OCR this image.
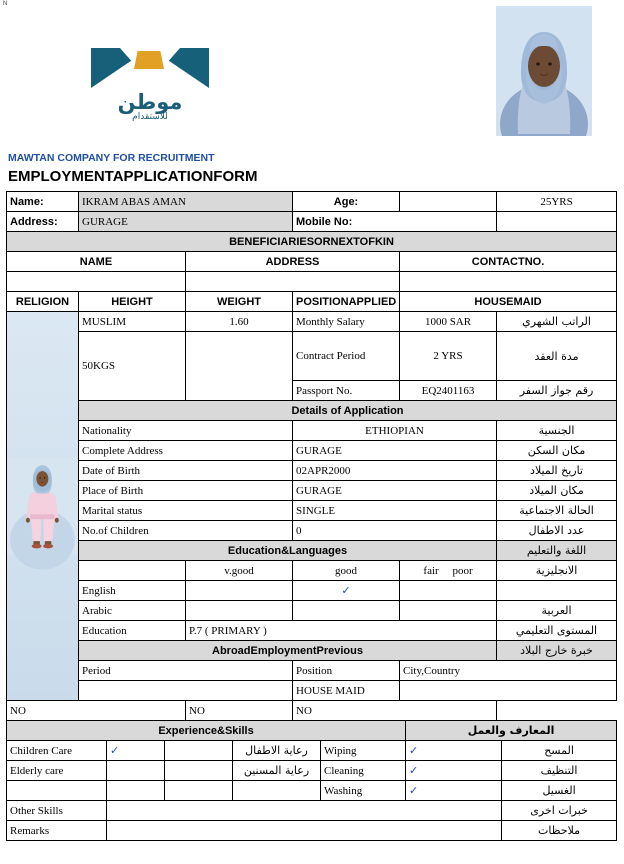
N
موطن
للاستقدام
MAWTAN COMPANY FOR RECRUITMENT
EMPLOYMENTAPPLICATIONFORM
Name:	IKRAM ABAS AMAN		Age:		25YRS
Address:	GURAGE		Mobile No:		
BENEFICIARIESORNEXTOFKIN					
NAME		ADDRESS		CONTACTNO.	

RELIGION	HEIGHT	WEIGHT	POSITIONAPPLIED	HOUSEMAID	

	MUSLIM	1.60	Monthly Salary	1000 SAR	الراتب الشهري
	50KGS		Contract Period	2 YRS	مدة العقد
			Passport No.	EQ2401163	رقم جواز السفر
	Details of Application				
	Nationality		ETHIOPIAN		الجنسية
	Complete Address		GURAGE		مكان السكن
	Date of Birth		02APR2000		تاريخ الميلاد
	Place of Birth		GURAGE		مكان الميلاد
	Marital status		SINGLE		الحالة الاجتماعية
	No.of Children		0		عدد الاطفال
	Education&Languages				اللغة والتعليم
		v.good	good	fair poor	الانجليزية
	English		✓		
	Arabic				العربية
	Education	P.7 ( PRIMARY )			المستوى التعليمي
	AbroadEmploymentPrevious				خبرة خارج البلاد
	Period		Position	City,Country	
			HOUSE MAID		
NO		NO	NO		
Experience&Skills					المعارف والعمل	
Children Care	✓		رعاية الاطفال	Wiping	✓	المسح
Elderly care			رعاية المسنين	Cleaning	✓	التنظيف
				Washing	✓	الغسيل
Other Skills						خبرات اخرى
Remarks						ملاحظات
